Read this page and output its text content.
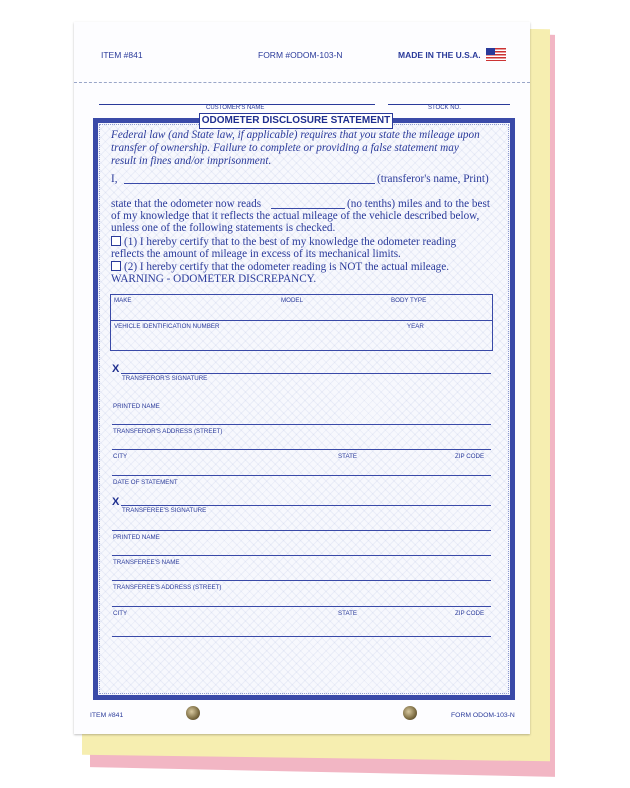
ITEM #841	FORM #ODOM-103-N	MADE IN THE U.S.A.
CUSTOMER'S NAME	STOCK NO.
ODOMETER DISCLOSURE STATEMENT
Federal law (and State law, if applicable) requires that you state the mileage upon
transfer of ownership. Failure to complete or providing a false statement may
result in fines and/or imprisonment.
I,	(transferor's name, Print)
state that the odometer now reads	(no tenths) miles and to the best
of my knowledge that it reflects the actual mileage of the vehicle described below,
unless one of the following statements is checked.
(1) I hereby certify that to the best of my knowledge the odometer reading
reflects the amount of mileage in excess of its mechanical limits.
(2) I hereby certify that the odometer reading is NOT the actual mileage.
WARNING - ODOMETER DISCREPANCY.
MAKE	MODEL	BODY TYPE
VEHICLE IDENTIFICATION NUMBER	YEAR
X
TRANSFEROR'S SIGNATURE
PRINTED NAME
TRANSFEROR'S ADDRESS (STREET)
CITY	STATE	ZIP CODE
DATE OF STATEMENT
X
TRANSFEREE'S SIGNATURE
PRINTED NAME
TRANSFEREE'S NAME
TRANSFEREE'S ADDRESS (STREET)
CITY	STATE	ZIP CODE
ITEM #841	FORM ODOM-103-N
